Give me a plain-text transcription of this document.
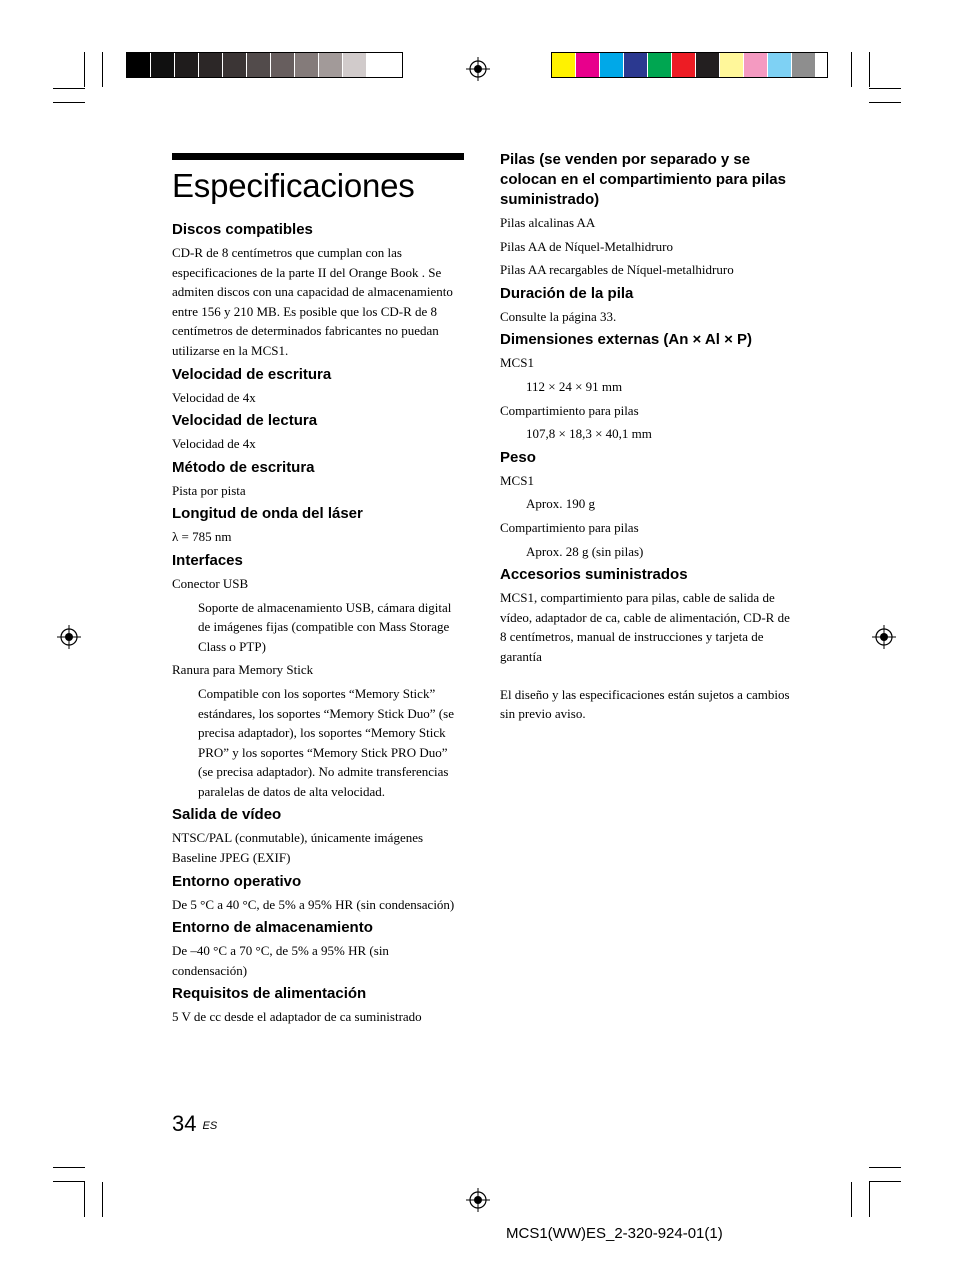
Especificaciones
Discos compatibles

CD-R de 8 centímetros que cumplan con las especificaciones de la parte II del Orange Book . Se admiten discos con una capacidad de almacenamiento entre 156 y 210 MB. Es posible que los CD-R de 8 centímetros de determinados fabricantes no puedan utilizarse en la MCS1.

Velocidad de escritura

Velocidad de 4x

Velocidad de lectura

Velocidad de 4x

Método de escritura

Pista por pista

Longitud de onda del láser

λ = 785 nm

Interfaces

Conector USB

Soporte de almacenamiento USB, cámara digital de imágenes fijas (compatible con Mass Storage Class o PTP)

Ranura para Memory Stick

Compatible con los soportes “Memory Stick” estándares, los soportes “Memory Stick Duo” (se precisa adaptador), los soportes “Memory Stick PRO” y los soportes “Memory Stick PRO Duo” (se precisa adaptador). No admite transferencias paralelas de datos de alta velocidad.

Salida de vídeo

NTSC/PAL (conmutable), únicamente imágenes Baseline JPEG (EXIF)

Entorno operativo

De 5 °C a 40 °C, de 5% a 95% HR (sin condensación)

Entorno de almacenamiento

De –40 °C a 70 °C, de 5% a 95% HR (sin condensación)

Requisitos de alimentación

5 V de cc desde el adaptador de ca suministrado

Pilas (se venden por separado y se colocan en el compartimiento para pilas suministrado)

Pilas alcalinas AA

Pilas AA de Níquel-Metalhidruro

Pilas AA recargables de Níquel-metalhidruro

Duración de la pila

Consulte la página 33.

Dimensiones externas (An × Al × P)

MCS1

112 × 24 × 91 mm

Compartimiento para pilas

107,8 × 18,3 × 40,1 mm

Peso

MCS1

Aprox. 190 g

Compartimiento para pilas

Aprox. 28 g (sin pilas)

Accesorios suministrados

MCS1, compartimiento para pilas, cable de salida de vídeo, adaptador de ca, cable de alimentación, CD-R de 8 centímetros, manual de instrucciones y tarjeta de garantía

El diseño y las especificaciones están sujetos a cambios sin previo aviso.

34 $^{ES}$
MCS1(WW)ES_2-320-924-01(1)
